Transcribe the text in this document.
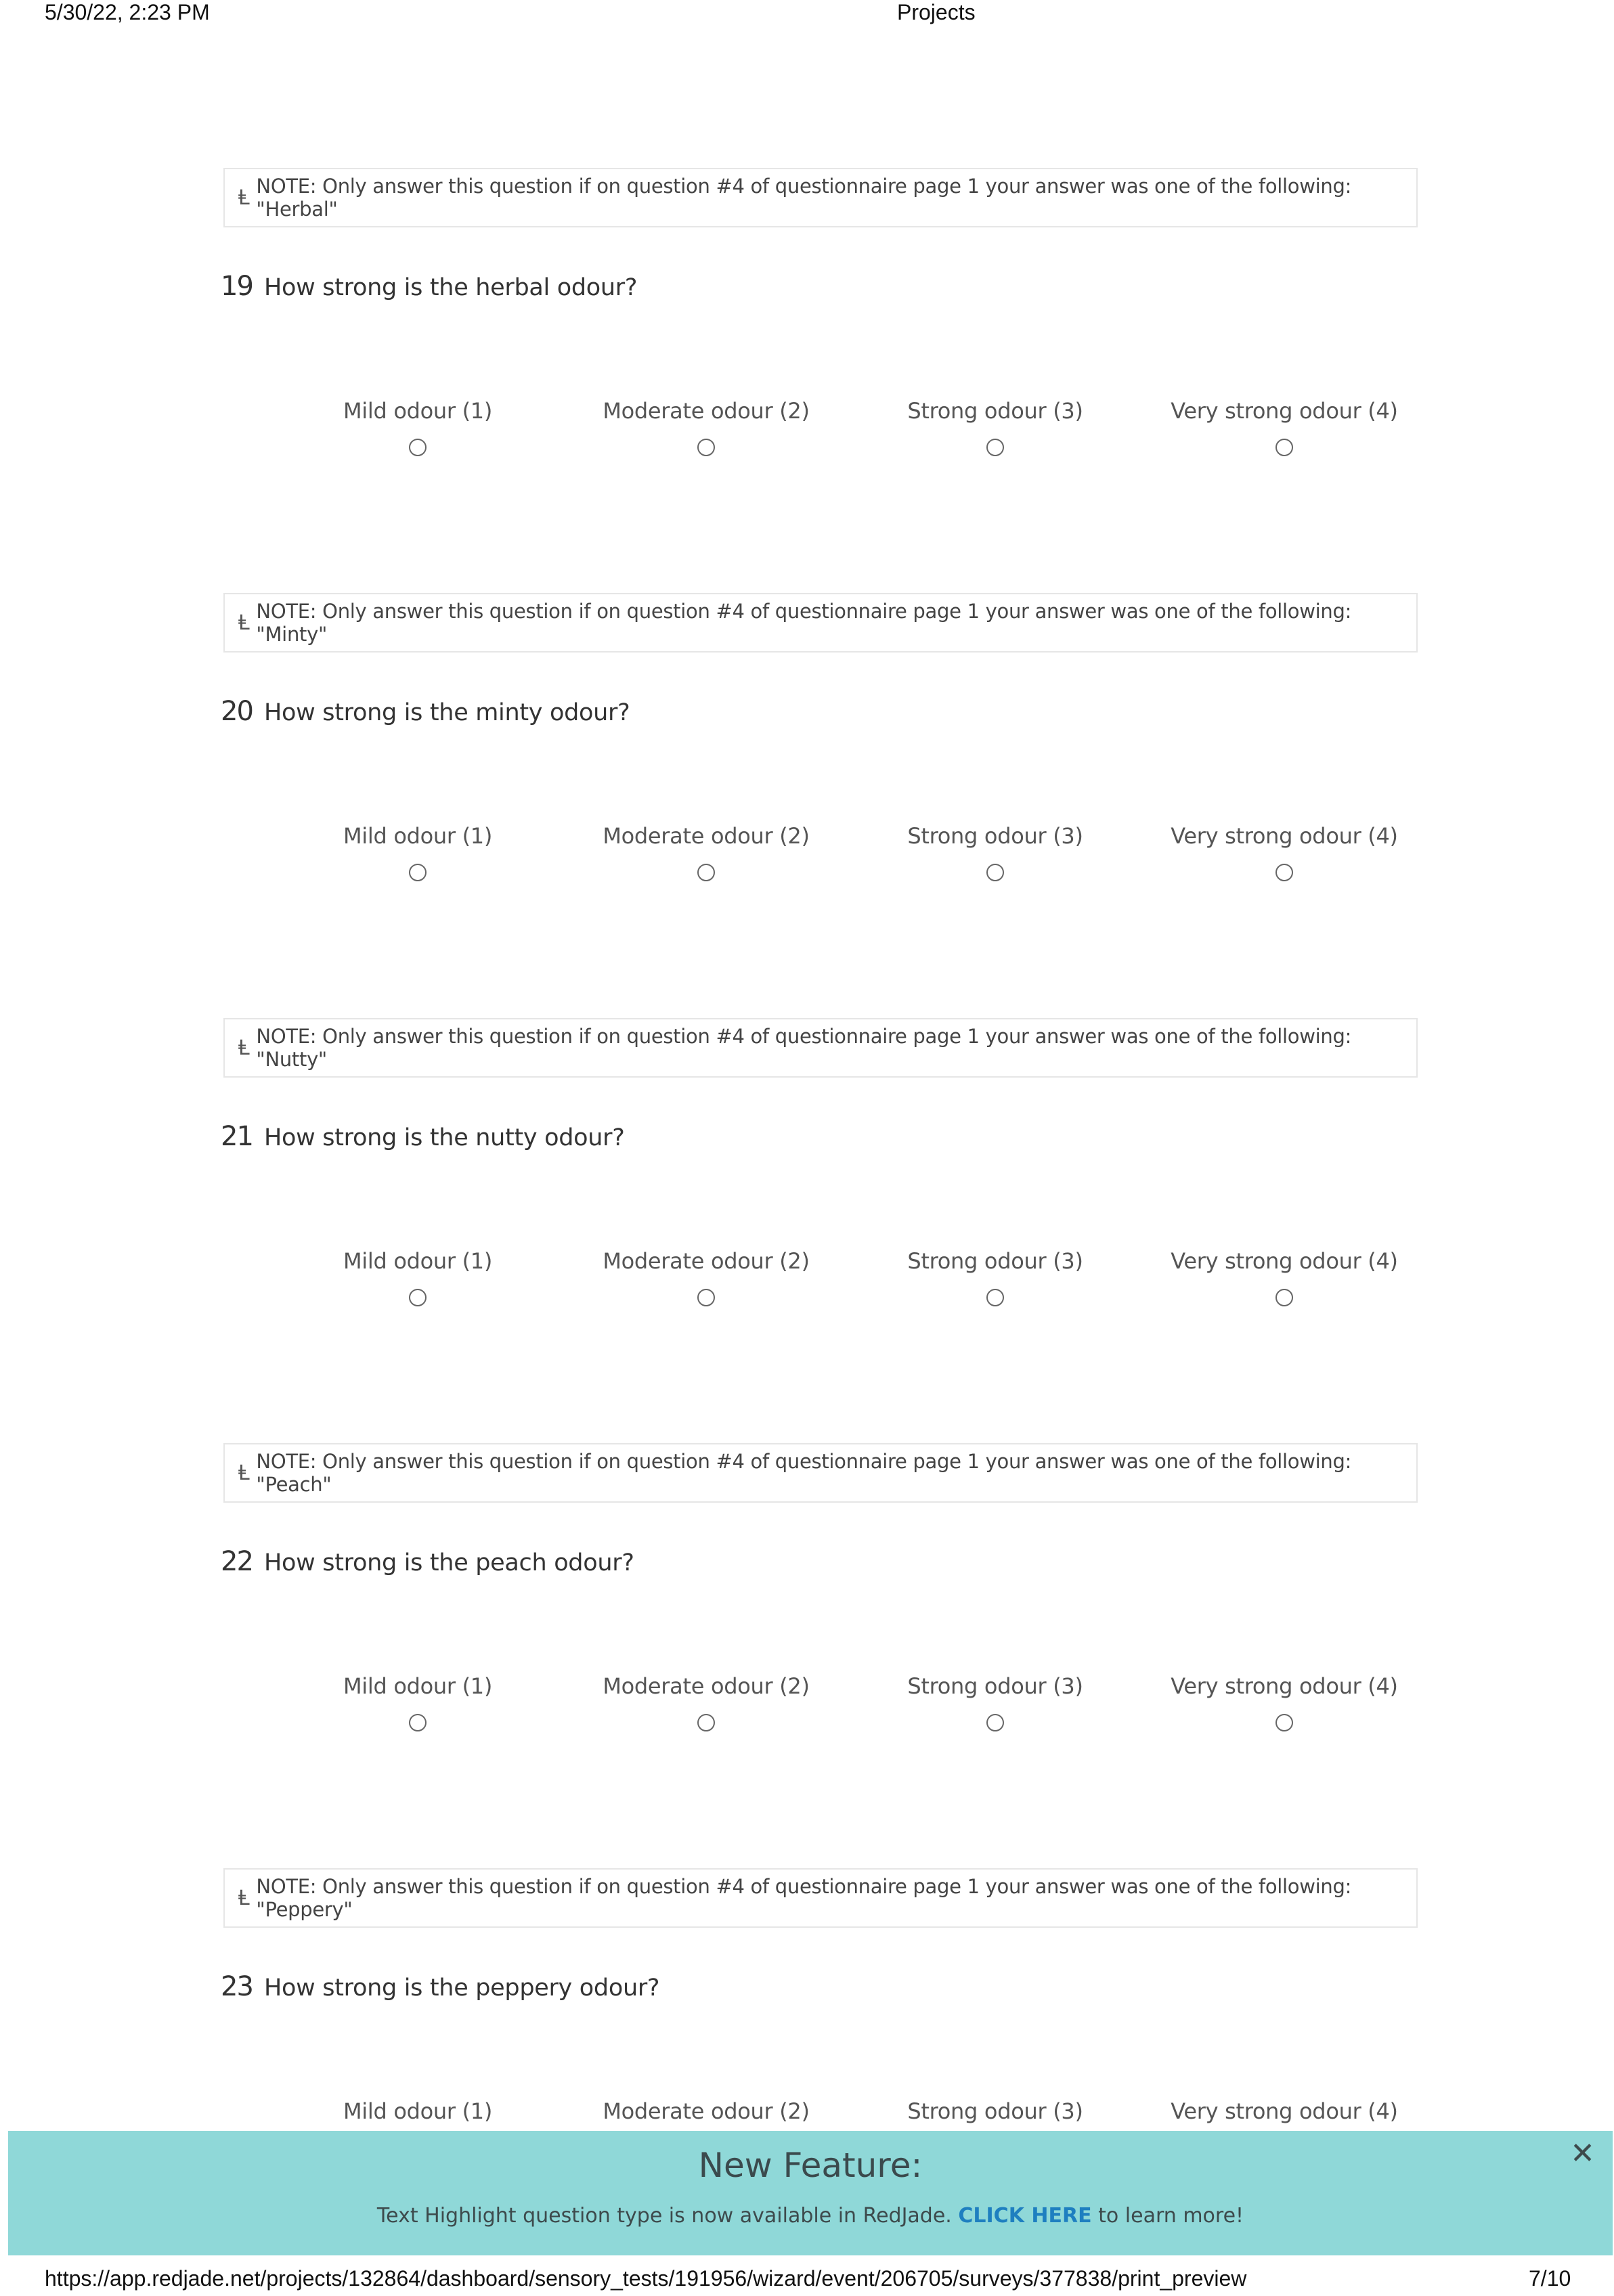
5/30/22, 2:23 PM	Projects
Ⱡ NOTE: Only answer this question if on question #4 of questionnaire page 1 your answer was one of the following: "Herbal"
19 How strong is the herbal odour?
Mild odour (1)	Moderate odour (2)	Strong odour (3)	Very strong odour (4)
Ⱡ NOTE: Only answer this question if on question #4 of questionnaire page 1 your answer was one of the following: "Minty"
20 How strong is the minty odour?
Mild odour (1)	Moderate odour (2)	Strong odour (3)	Very strong odour (4)
Ⱡ NOTE: Only answer this question if on question #4 of questionnaire page 1 your answer was one of the following: "Nutty"
21 How strong is the nutty odour?
Mild odour (1)	Moderate odour (2)	Strong odour (3)	Very strong odour (4)
Ⱡ NOTE: Only answer this question if on question #4 of questionnaire page 1 your answer was one of the following: "Peach"
22 How strong is the peach odour?
Mild odour (1)	Moderate odour (2)	Strong odour (3)	Very strong odour (4)
Ⱡ NOTE: Only answer this question if on question #4 of questionnaire page 1 your answer was one of the following: "Peppery"
23 How strong is the peppery odour?
Mild odour (1)	Moderate odour (2)	Strong odour (3)	Very strong odour (4)
New Feature:
Text Highlight question type is now available in RedJade. CLICK HERE to learn more!
✕
https://app.redjade.net/projects/132864/dashboard/sensory_tests/191956/wizard/event/206705/surveys/377838/print_preview	7/10
